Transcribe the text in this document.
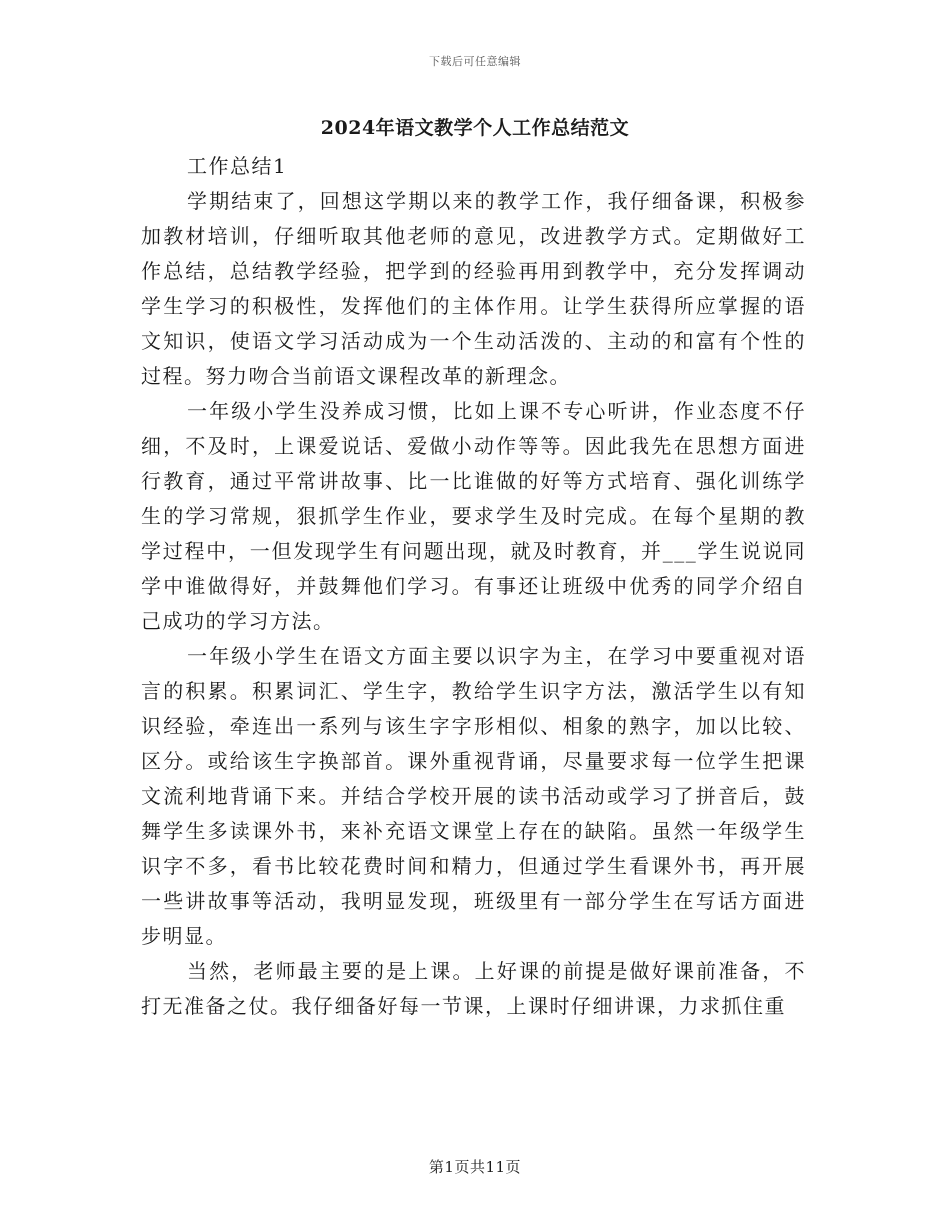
下载后可任意编辑
2024年语文教学个人工作总结范文

工作总结1

学期结束了，回想这学期以来的教学工作，我仔细备课，积极参加教材培训，仔细听取其他老师的意见，改进教学方式。定期做好工作总结，总结教学经验，把学到的经验再用到教学中，充分发挥调动学生学习的积极性，发挥他们的主体作用。让学生获得所应掌握的语文知识，使语文学习活动成为一个生动活泼的、主动的和富有个性的过程。努力吻合当前语文课程改革的新理念。

一年级小学生没养成习惯，比如上课不专心听讲，作业态度不仔细，不及时，上课爱说话、爱做小动作等等。因此我先在思想方面进行教育，通过平常讲故事、比一比谁做的好等方式培育、强化训练学生的学习常规，狠抓学生作业，要求学生及时完成。在每个星期的教学过程中，一但发现学生有问题出现，就及时教育，并___学生说说同学中谁做得好，并鼓舞他们学习。有事还让班级中优秀的同学介绍自己成功的学习方法。

一年级小学生在语文方面主要以识字为主，在学习中要重视对语言的积累。积累词汇、学生字，教给学生识字方法，激活学生以有知识经验，牵连出一系列与该生字字形相似、相象的熟字，加以比较、区分。或给该生字换部首。课外重视背诵，尽量要求每一位学生把课文流利地背诵下来。并结合学校开展的读书活动或学习了拼音后，鼓舞学生多读课外书，来补充语文课堂上存在的缺陷。虽然一年级学生识字不多，看书比较花费时间和精力，但通过学生看课外书，再开展一些讲故事等活动，我明显发现，班级里有一部分学生在写话方面进步明显。

当然，老师最主要的是上课。上好课的前提是做好课前准备，不打无准备之仗。我仔细备好每一节课，上课时仔细讲课，力求抓住重

第1页共11页
